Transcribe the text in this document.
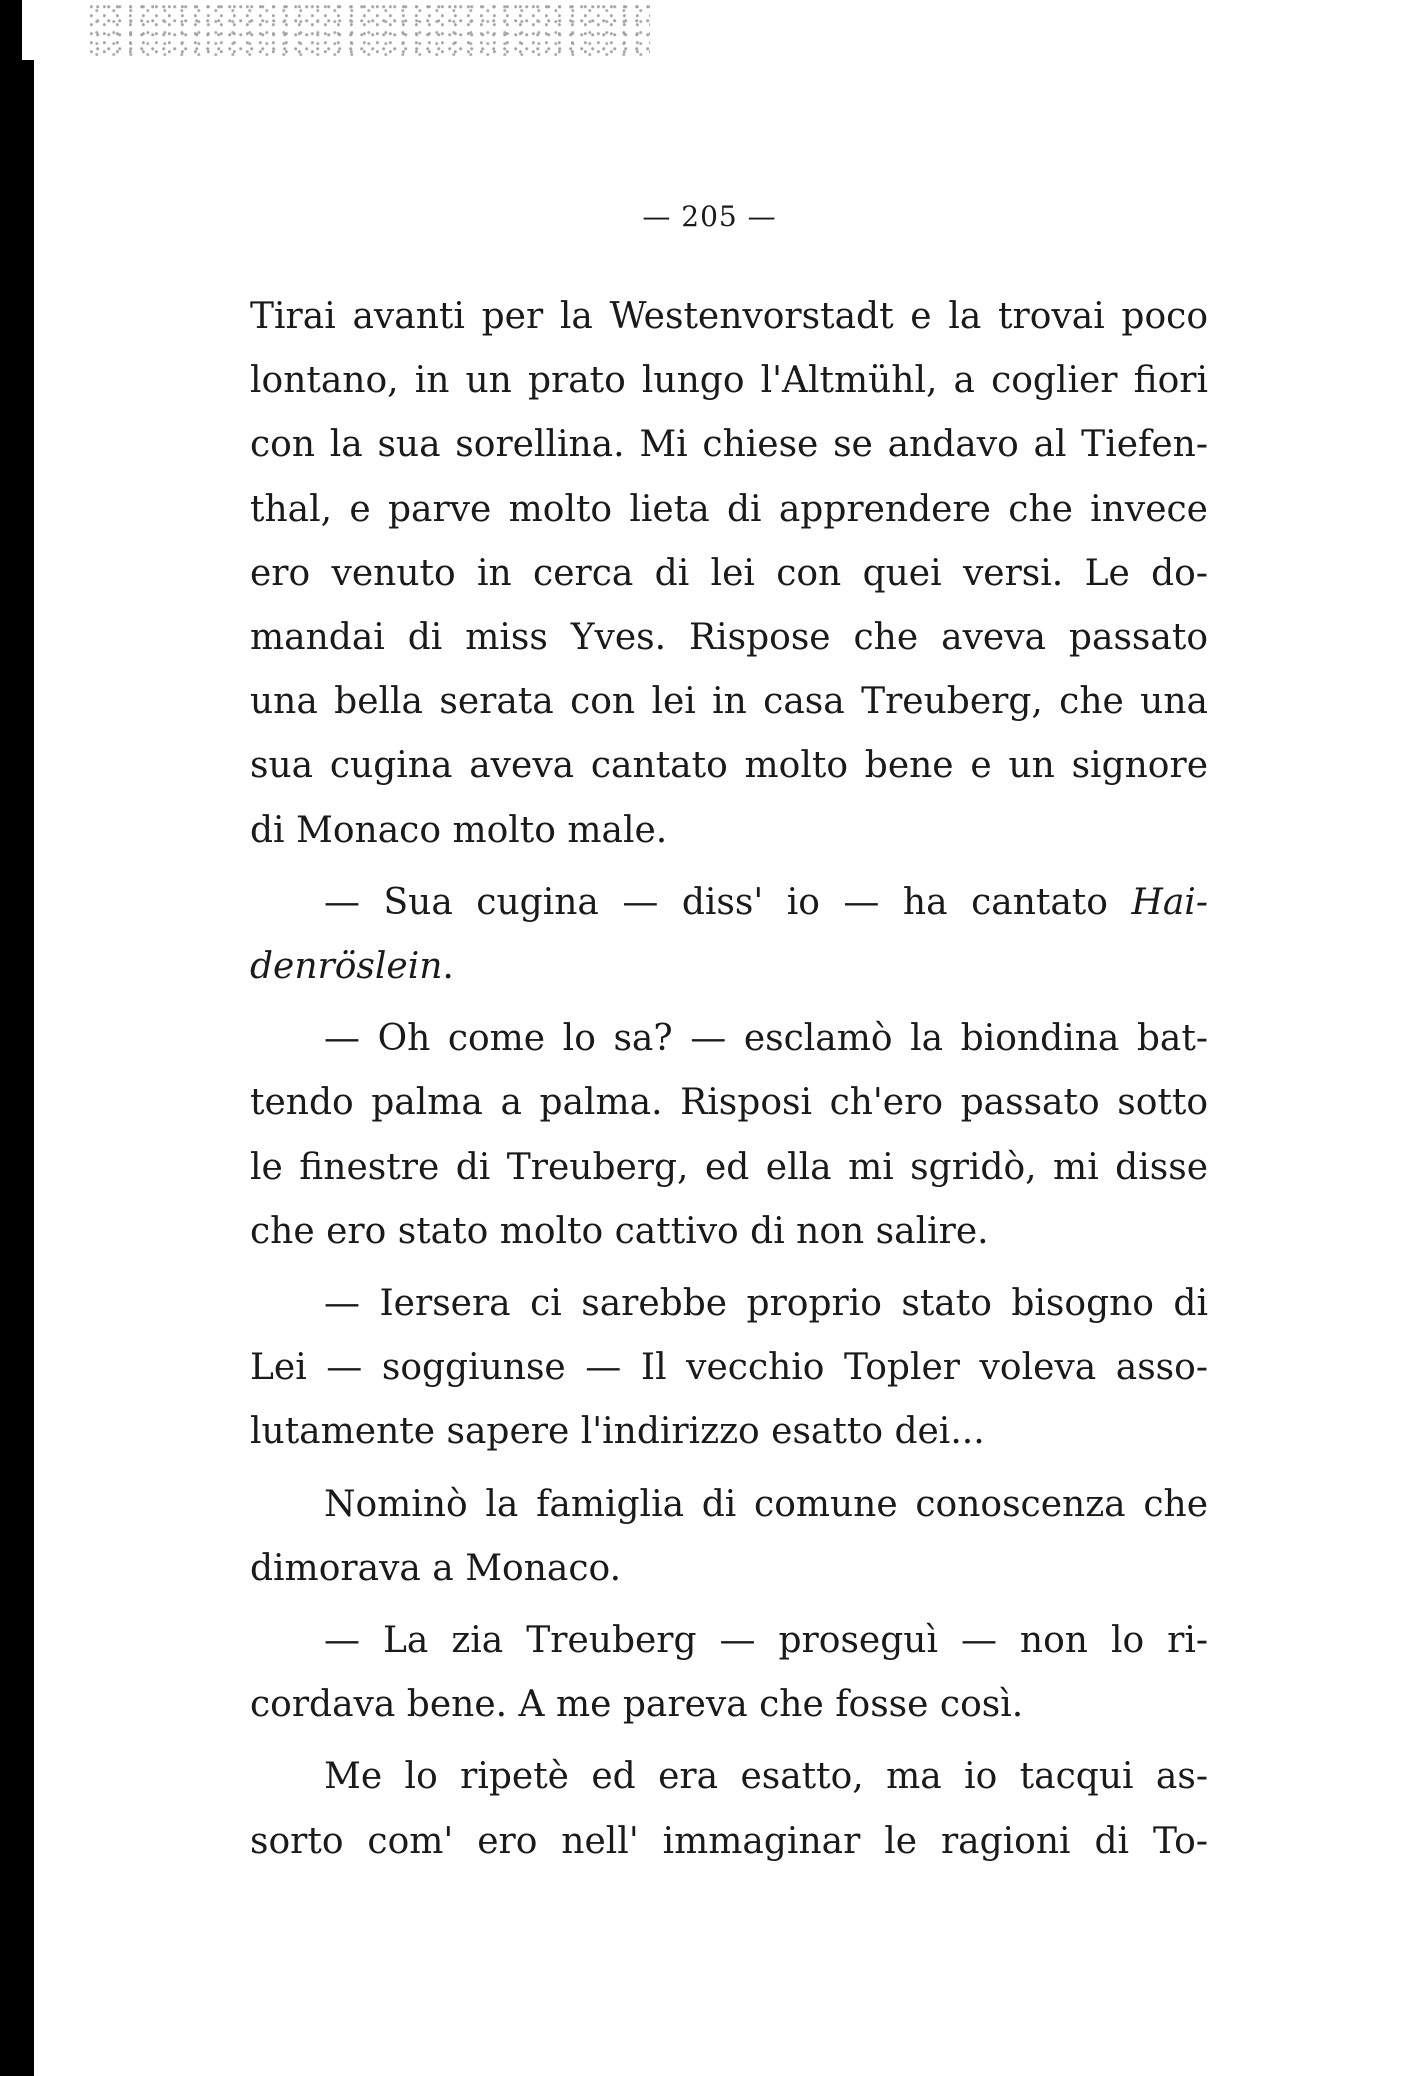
— 205 —
Tirai avanti per la Westenvorstadt e la trovai poco
lontano, in un prato lungo l'Altmühl, a coglier fiori
con la sua sorellina. Mi chiese se andavo al Tiefen-
thal, e parve molto lieta di apprendere che invece
ero venuto in cerca di lei con quei versi. Le do-
mandai di miss Yves. Rispose che aveva passato
una bella serata con lei in casa Treuberg, che una
sua cugina aveva cantato molto bene e un signore
di Monaco molto male.
— Sua cugina — diss' io — ha cantato Hai-
denröslein.
— Oh come lo sa? — esclamò la biondina bat-
tendo palma a palma. Risposi ch'ero passato sotto
le finestre di Treuberg, ed ella mi sgridò, mi disse
che ero stato molto cattivo di non salire.
— Iersera ci sarebbe proprio stato bisogno di
Lei — soggiunse — Il vecchio Topler voleva asso-
lutamente sapere l'indirizzo esatto dei...
Nominò la famiglia di comune conoscenza che
dimorava a Monaco.
— La zia Treuberg — proseguì — non lo ri-
cordava bene. A me pareva che fosse così.
Me lo ripetè ed era esatto, ma io tacqui as-
sorto com' ero nell' immaginar le ragioni di To-
